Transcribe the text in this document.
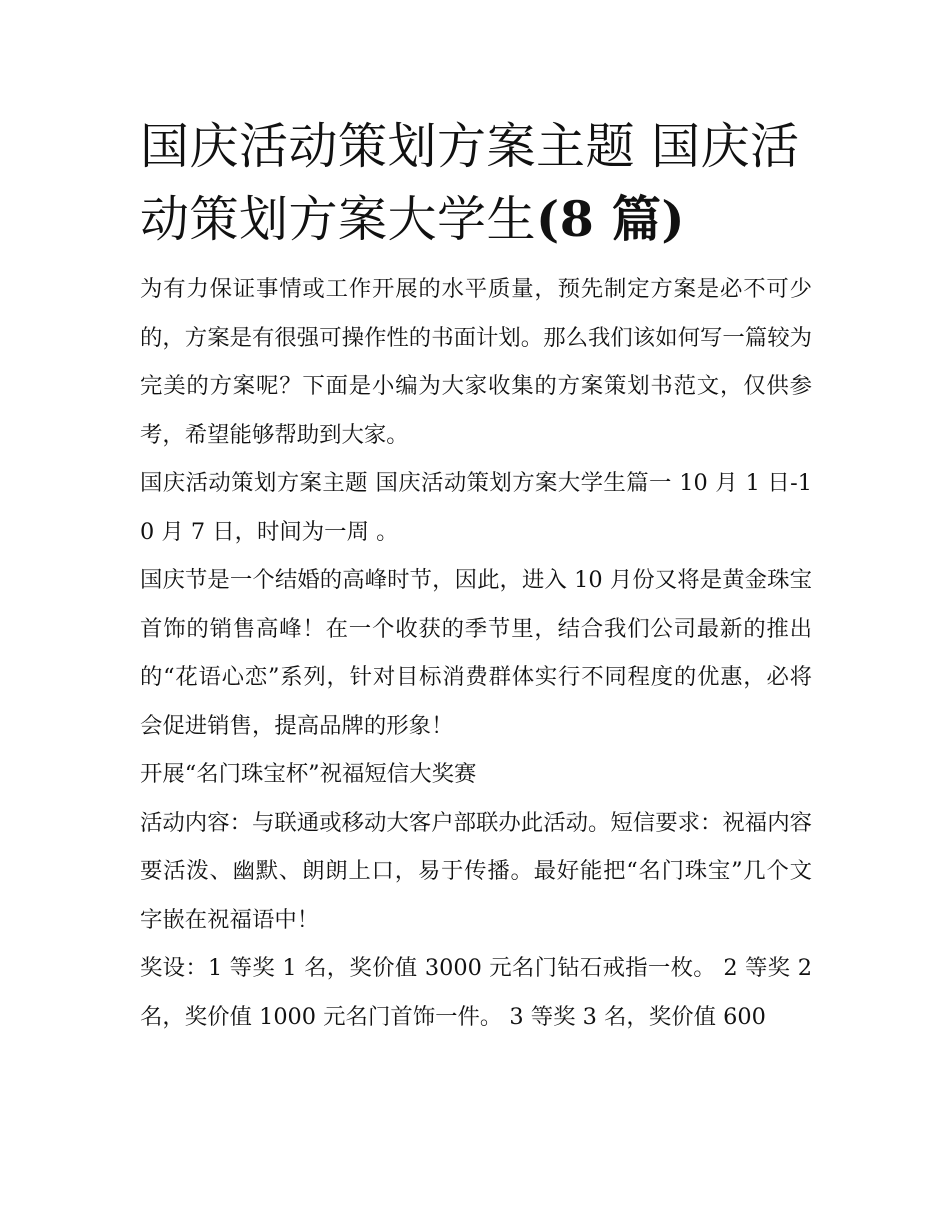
国庆活动策划方案主题 国庆活
动策划方案大学生(8 篇)

为有力保证事情或工作开展的水平质量，预先制定方案是必不可少的，方案是有很强可操作性的书面计划。那么我们该如何写一篇较为完美的方案呢？下面是小编为大家收集的方案策划书范文，仅供参考，希望能够帮助到大家。

国庆活动策划方案主题 国庆活动策划方案大学生篇一 10 月 1 日-10 月 7 日，时间为一周 。

国庆节是一个结婚的高峰时节，因此，进入 10 月份又将是黄金珠宝首饰的销售高峰！在一个收获的季节里，结合我们公司最新的推出的“花语心恋”系列，针对目标消费群体实行不同程度的优惠，必将会促进销售，提高品牌的形象！

开展“名门珠宝杯”祝福短信大奖赛

活动内容：与联通或移动大客户部联办此活动。短信要求：祝福内容要活泼、幽默、朗朗上口，易于传播。最好能把“名门珠宝”几个文字嵌在祝福语中！

奖设：1 等奖 1 名，奖价值 3000 元名门钻石戒指一枚。 2 等奖 2 名，奖价值 1000 元名门首饰一件。 3 等奖 3 名，奖价值 600
